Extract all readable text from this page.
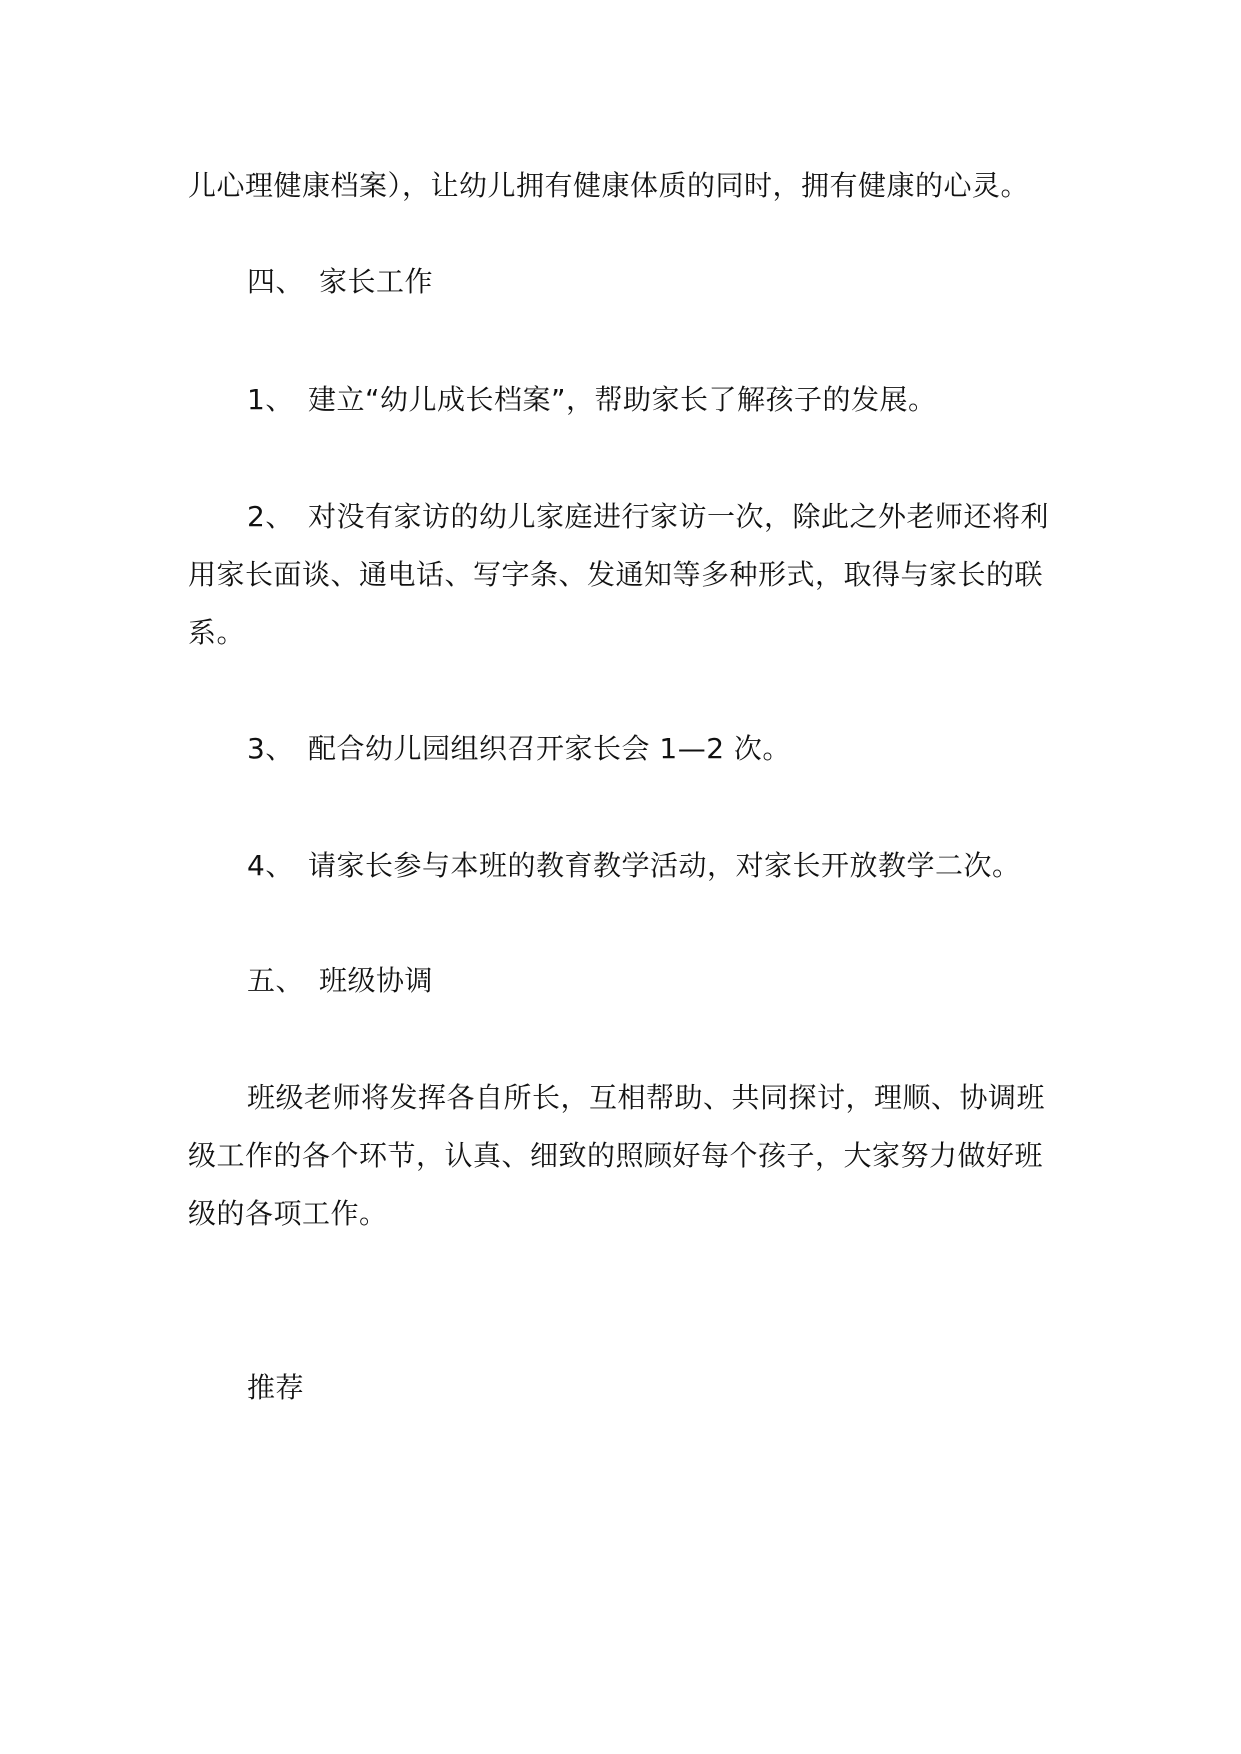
儿心理健康档案），让幼儿拥有健康体质的同时，拥有健康的心灵。
四、 家长工作
1、 建立“幼儿成长档案”，帮助家长了解孩子的发展。
2、 对没有家访的幼儿家庭进行家访一次，除此之外老师还将利
用家长面谈、通电话、写字条、发通知等多种形式，取得与家长的联
系。
3、 配合幼儿园组织召开家长会 1—2 次。
4、 请家长参与本班的教育教学活动，对家长开放教学二次。
五、 班级协调
班级老师将发挥各自所长，互相帮助、共同探讨，理顺、协调班
级工作的各个环节，认真、细致的照顾好每个孩子，大家努力做好班
级的各项工作。
推荐
